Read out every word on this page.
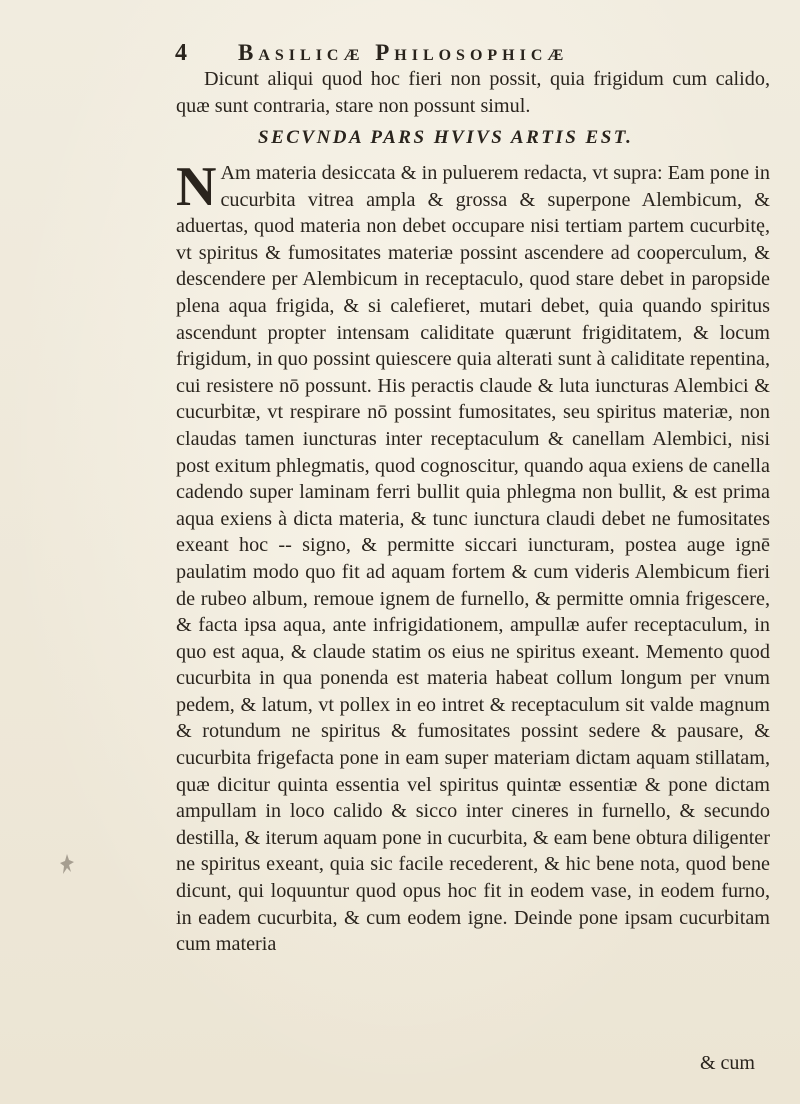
4 Basilicæ Philosophicæ
Dicunt aliqui quod hoc fieri non possit, quia frigidum cum calido, quæ sunt contraria, stare non possunt simul.
SECVNDA PARS HVIVS ARTIS EST.
N Am materia desiccata & in puluerem redacta, vt supra: Eam pone in cucurbita vitrea ampla & grossa & superpone Alembicum, & aduertas, quod materia non debet occupare nisi tertiam partem cucurbitę, vt spiritus & fumositates materiæ possint ascendere ad cooperculum, & descendere per Alembicum in receptaculo, quod stare debet in paropside plena aqua frigida, & si calefieret, mutari debet, quia quando spiritus ascendunt propter intensam caliditate quærunt frigiditatem, & locum frigidum, in quo possint quiescere quia alterati sunt à caliditate repentina, cui resistere nō possunt. His peractis claude & luta iuncturas Alembici & cucurbitæ, vt respirare nō possint fumositates, seu spiritus materiæ, non claudas tamen iuncturas inter receptaculum & canellam Alembici, nisi post exitum phlegmatis, quod cognoscitur, quando aqua exiens de canella cadendo super laminam ferri bullit quia phlegma non bullit, & est prima aqua exiens à dicta materia, & tunc iunctura claudi debet ne fumositates exeant hoc -- signo, & permitte siccari iuncturam, postea auge ignē paulatim modo quo fit ad aquam fortem & cum videris Alembicum fieri de rubeo album, remoue ignem de furnello, & permitte omnia frigescere, & facta ipsa aqua, ante infrigidationem, ampullæ aufer receptaculum, in quo est aqua, & claude statim os eius ne spiritus exeant. Memento quod cucurbita in qua ponenda est materia habeat collum longum per vnum pedem, & latum, vt pollex in eo intret & receptaculum sit valde magnum & rotundum ne spiritus & fumositates possint sedere & pausare, & cucurbita frigefacta pone in eam super materiam dictam aquam stillatam, quæ dicitur quinta essentia vel spiritus quintæ essentiæ & pone dictam ampullam in loco calido & sicco inter cineres in furnello, & secundo destilla, & iterum aquam pone in cucurbita, & eam bene obtura diligenter ne spiritus exeant, quia sic facile recederent, & hic bene nota, quod bene dicunt, qui loquuntur quod opus hoc fit in eodem vase, in eodem furno, in eadem cucurbita, & cum eodem igne. Deinde pone ipsam cucurbitam cum materia
& cum
